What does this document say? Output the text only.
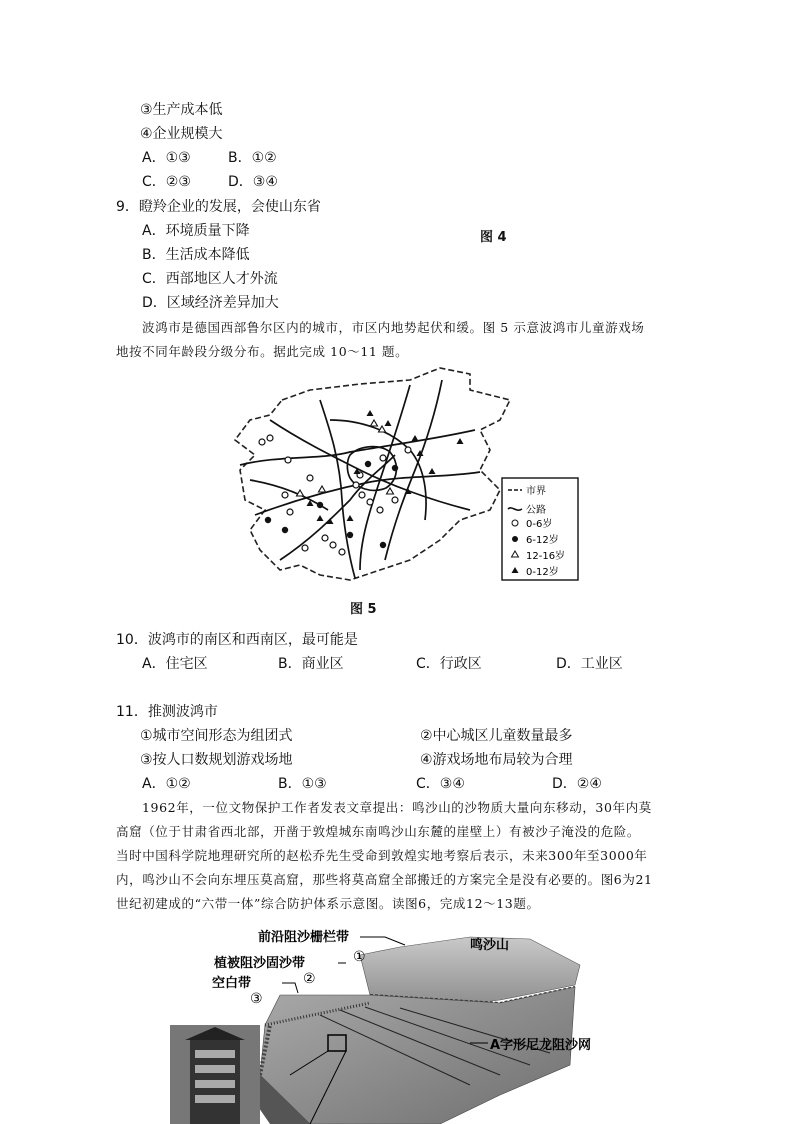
③生产成本低
④企业规模大
A．①③	B．①②
C．②③	D．③④
9．瞪羚企业的发展，会使山东省
A．环境质量下降
B．生活成本降低
C．西部地区人才外流
D．区域经济差异加大
图 4
波鸿市是德国西部鲁尔区内的城市，市区内地势起伏和缓。图 5 示意波鸿市儿童游戏场
地按不同年龄段分级分布。据此完成 10～11 题。
市界
公路
0-6岁
6-12岁
12-16岁
0-12岁
图 5
10．波鸿市的南区和西南区，最可能是
A．住宅区	B．商业区	C．行政区	D．工业区
11．推测波鸿市
①城市空间形态为组团式	②中心城区儿童数量最多
③按人口数规划游戏场地	④游戏场地布局较为合理
A．①②	B．①③	C．③④	D．②④
1962年，一位文物保护工作者发表文章提出：鸣沙山的沙物质大量向东移动，30年内莫
高窟（位于甘肃省西北部，开凿于敦煌城东南鸣沙山东麓的崖壁上）有被沙子淹没的危险。
当时中国科学院地理研究所的赵松乔先生受命到敦煌实地考察后表示，未来300年至3000年
内，鸣沙山不会向东埋压莫高窟，那些将莫高窟全部搬迁的方案完全是没有必要的。图6为21
世纪初建成的“六带一体”综合防护体系示意图。读图6，完成12～13题。
前沿阻沙栅栏带
植被阻沙固沙带
空白带
鸣沙山
A字形尼龙阻沙网
①
②
③
